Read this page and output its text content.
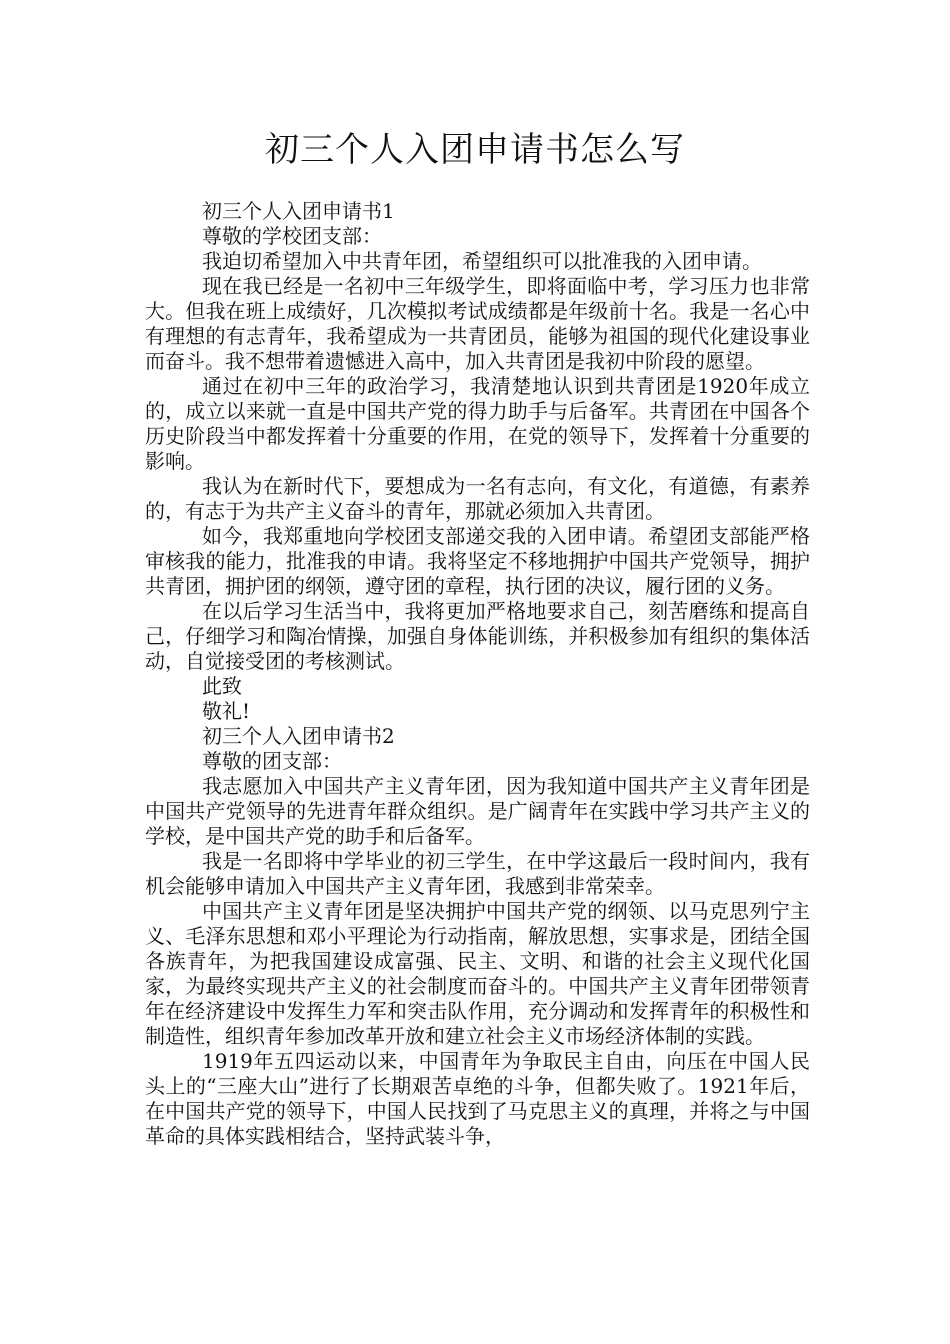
初三个人入团申请书怎么写

初三个人入团申请书1

尊敬的学校团支部：

我迫切希望加入中共青年团，希望组织可以批准我的入团申请。

现在我已经是一名初中三年级学生，即将面临中考，学习压力也非常大。但我在班上成绩好，几次模拟考试成绩都是年级前十名。我是一名心中有理想的有志青年，我希望成为一共青团员，能够为祖国的现代化建设事业而奋斗。我不想带着遗憾进入高中，加入共青团是我初中阶段的愿望。

通过在初中三年的政治学习，我清楚地认识到共青团是1920年成立的，成立以来就一直是中国共产党的得力助手与后备军。共青团在中国各个历史阶段当中都发挥着十分重要的作用，在党的领导下，发挥着十分重要的影响。

我认为在新时代下，要想成为一名有志向，有文化，有道德，有素养的，有志于为共产主义奋斗的青年，那就必须加入共青团。

如今，我郑重地向学校团支部递交我的入团申请。希望团支部能严格审核我的能力，批准我的申请。我将坚定不移地拥护中国共产党领导，拥护共青团，拥护团的纲领，遵守团的章程，执行团的决议，履行团的义务。

在以后学习生活当中，我将更加严格地要求自己，刻苦磨练和提高自己，仔细学习和陶冶情操，加强自身体能训练，并积极参加有组织的集体活动，自觉接受团的考核测试。

此致

敬礼!

初三个人入团申请书2

尊敬的团支部：

我志愿加入中国共产主义青年团，因为我知道中国共产主义青年团是中国共产党领导的先进青年群众组织。是广阔青年在实践中学习共产主义的学校，是中国共产党的助手和后备军。

我是一名即将中学毕业的初三学生，在中学这最后一段时间内，我有机会能够申请加入中国共产主义青年团，我感到非常荣幸。

中国共产主义青年团是坚决拥护中国共产党的纲领、以马克思列宁主义、毛泽东思想和邓小平理论为行动指南，解放思想，实事求是，团结全国各族青年，为把我国建设成富强、民主、文明、和谐的社会主义现代化国家，为最终实现共产主义的社会制度而奋斗的。中国共产主义青年团带领青年在经济建设中发挥生力军和突击队作用，充分调动和发挥青年的积极性和制造性，组织青年参加改革开放和建立社会主义市场经济体制的实践。

1919年五四运动以来，中国青年为争取民主自由，向压在中国人民头上的“三座大山”进行了长期艰苦卓绝的斗争，但都失败了。1921年后，在中国共产党的领导下，中国人民找到了马克思主义的真理，并将之与中国革命的具体实践相结合，坚持武装斗争，
